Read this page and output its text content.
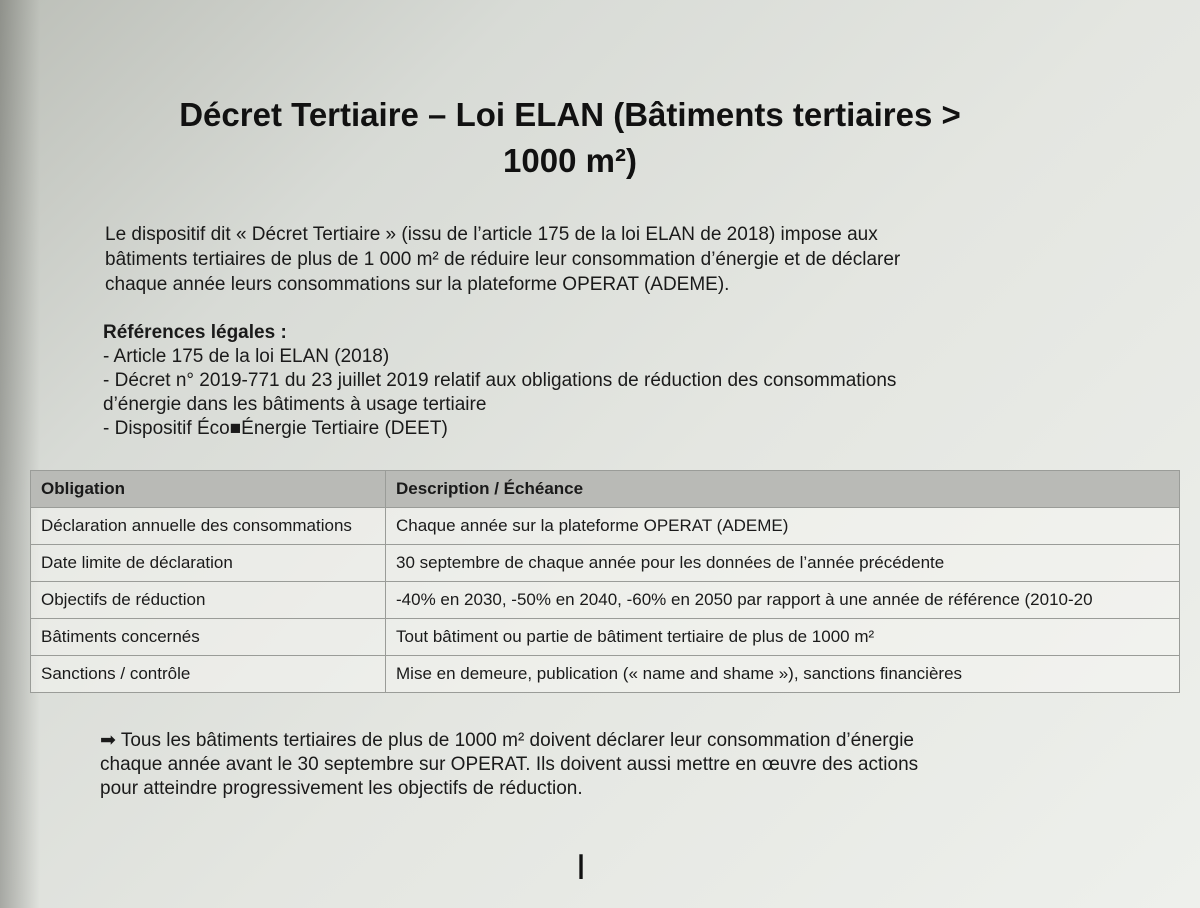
Décret Tertiaire – Loi ELAN (Bâtiments tertiaires >
1000 m²)
Le dispositif dit « Décret Tertiaire » (issu de l’article 175 de la loi ELAN de 2018) impose aux
bâtiments tertiaires de plus de 1 000 m² de réduire leur consommation d’énergie et de déclarer
chaque année leurs consommations sur la plateforme OPERAT (ADEME).
Références légales :
- Article 175 de la loi ELAN (2018)
- Décret n° 2019-771 du 23 juillet 2019 relatif aux obligations de réduction des consommations
d’énergie dans les bâtiments à usage tertiaire
- Dispositif Éco■Énergie Tertiaire (DEET)
Obligation	Description / Échéance
Déclaration annuelle des consommations	Chaque année sur la plateforme OPERAT (ADEME)
Date limite de déclaration	30 septembre de chaque année pour les données de l’année précédente
Objectifs de réduction	-40% en 2030, -50% en 2040, -60% en 2050 par rapport à une année de référence (2010-20
Bâtiments concernés	Tout bâtiment ou partie de bâtiment tertiaire de plus de 1000 m²
Sanctions / contrôle	Mise en demeure, publication (« name and shame »), sanctions financières
➡ Tous les bâtiments tertiaires de plus de 1000 m² doivent déclarer leur consommation d’énergie
chaque année avant le 30 septembre sur OPERAT. Ils doivent aussi mettre en œuvre des actions
pour atteindre progressivement les objectifs de réduction.
I
